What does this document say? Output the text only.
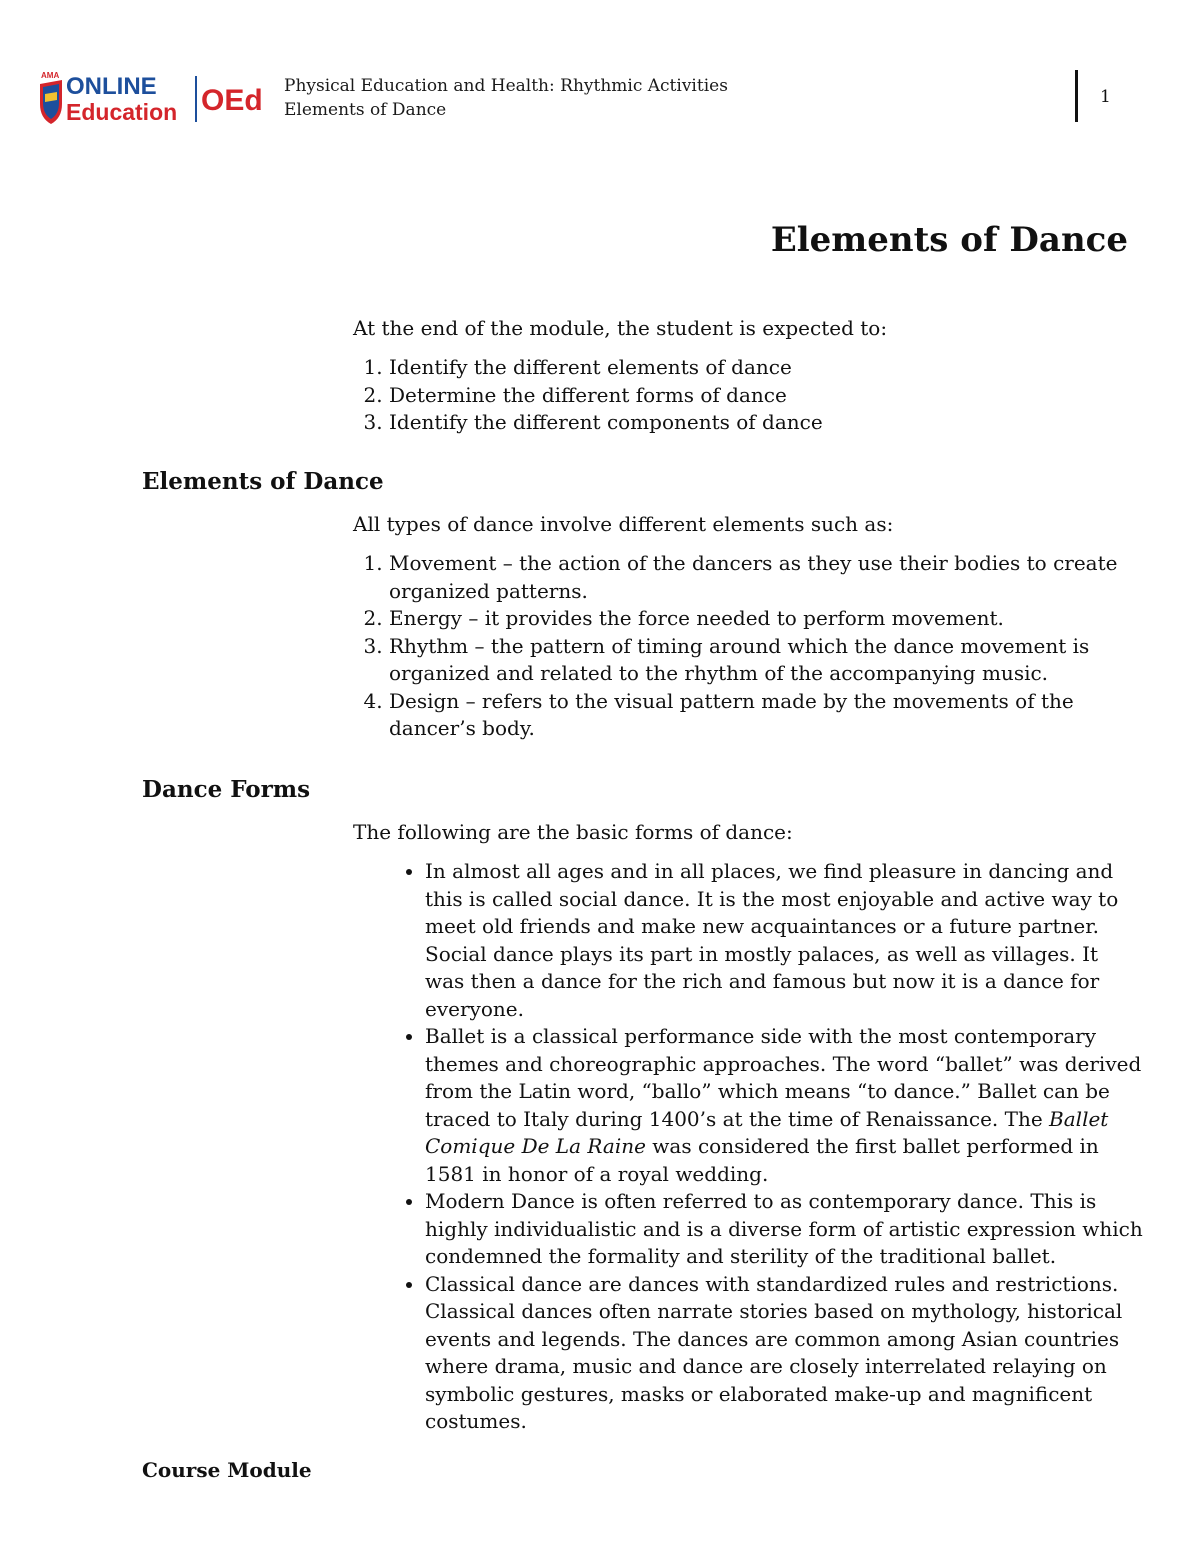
AMA ONLINE
Education OEd Physical Education and Health: Rhythmic Activities
Elements of Dance
1
Elements of Dance

At the end of the module, the student is expected to:

1. Identify the different elements of dance
2. Determine the different forms of dance
3. Identify the different components of dance
Elements of Dance

All types of dance involve different elements such as:

1. Movement – the action of the dancers as they use their bodies to create organized patterns.
2. Energy – it provides the force needed to perform movement.
3. Rhythm – the pattern of timing around which the dance movement is organized and related to the rhythm of the accompanying music.
4. Design – refers to the visual pattern made by the movements of the dancer’s body.
Dance Forms

The following are the basic forms of dance:

• In almost all ages and in all places, we find pleasure in dancing and this is called social dance. It is the most enjoyable and active way to meet old friends and make new acquaintances or a future partner. Social dance plays its part in mostly palaces, as well as villages. It was then a dance for the rich and famous but now it is a dance for everyone.
• Ballet is a classical performance side with the most contemporary themes and choreographic approaches. The word “ballet” was derived from the Latin word, “ballo” which means “to dance.” Ballet can be traced to Italy during 1400’s at the time of Renaissance. The Ballet Comique De La Raine was considered the first ballet performed in 1581 in honor of a royal wedding.
• Modern Dance is often referred to as contemporary dance. This is highly individualistic and is a diverse form of artistic expression which condemned the formality and sterility of the traditional ballet.
• Classical dance are dances with standardized rules and restrictions. Classical dances often narrate stories based on mythology, historical events and legends. The dances are common among Asian countries where drama, music and dance are closely interrelated relaying on symbolic gestures, masks or elaborated make-up and magnificent costumes.
Course Module
